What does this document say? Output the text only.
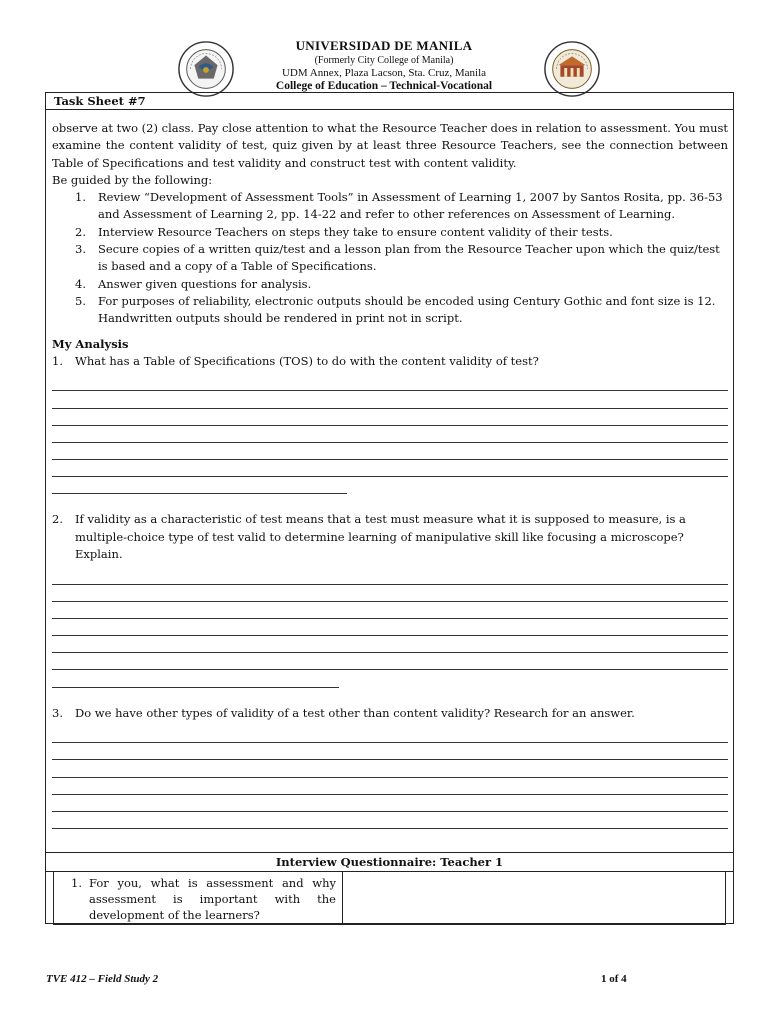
UNIVERSIDAD DE MANILA
(Formerly City College of Manila)
UDM Annex, Plaza Lacson, Sta. Cruz, Manila
College of Education – Technical-Vocational
Task Sheet #7

observe at two (2) class. Pay close attention to what the Resource Teacher does in relation to assessment. You must examine the content validity of test, quiz given by at least three Resource Teachers, see the connection between Table of Specifications and test validity and construct test with content validity.

Be guided by the following:

1. Review “Development of Assessment Tools” in Assessment of Learning 1, 2007 by Santos Rosita, pp. 36-53 and Assessment of Learning 2, pp. 14-22 and refer to other references on Assessment of Learning.
2. Interview Resource Teachers on steps they take to ensure content validity of their tests.
3. Secure copies of a written quiz/test and a lesson plan from the Resource Teacher upon which the quiz/test is based and a copy of a Table of Specifications.
4. Answer given questions for analysis.
5. For purposes of reliability, electronic outputs should be encoded using Century Gothic and font size is 12. Handwritten outputs should be rendered in print not in script.

My Analysis

1. What has a Table of Specifications (TOS) to do with the content validity of test?
2. If validity as a characteristic of test means that a test must measure what it is supposed to measure, is a multiple-choice type of test valid to determine learning of manipulative skill like focusing a microscope? Explain.
3. Do we have other types of validity of a test other than content validity? Research for an answer.
Interview Questionnaire: Teacher 1
1. For you, what is assessment and why assessment is important with the development of the learners?
TVE 412 – Field Study 2	1 of 4
